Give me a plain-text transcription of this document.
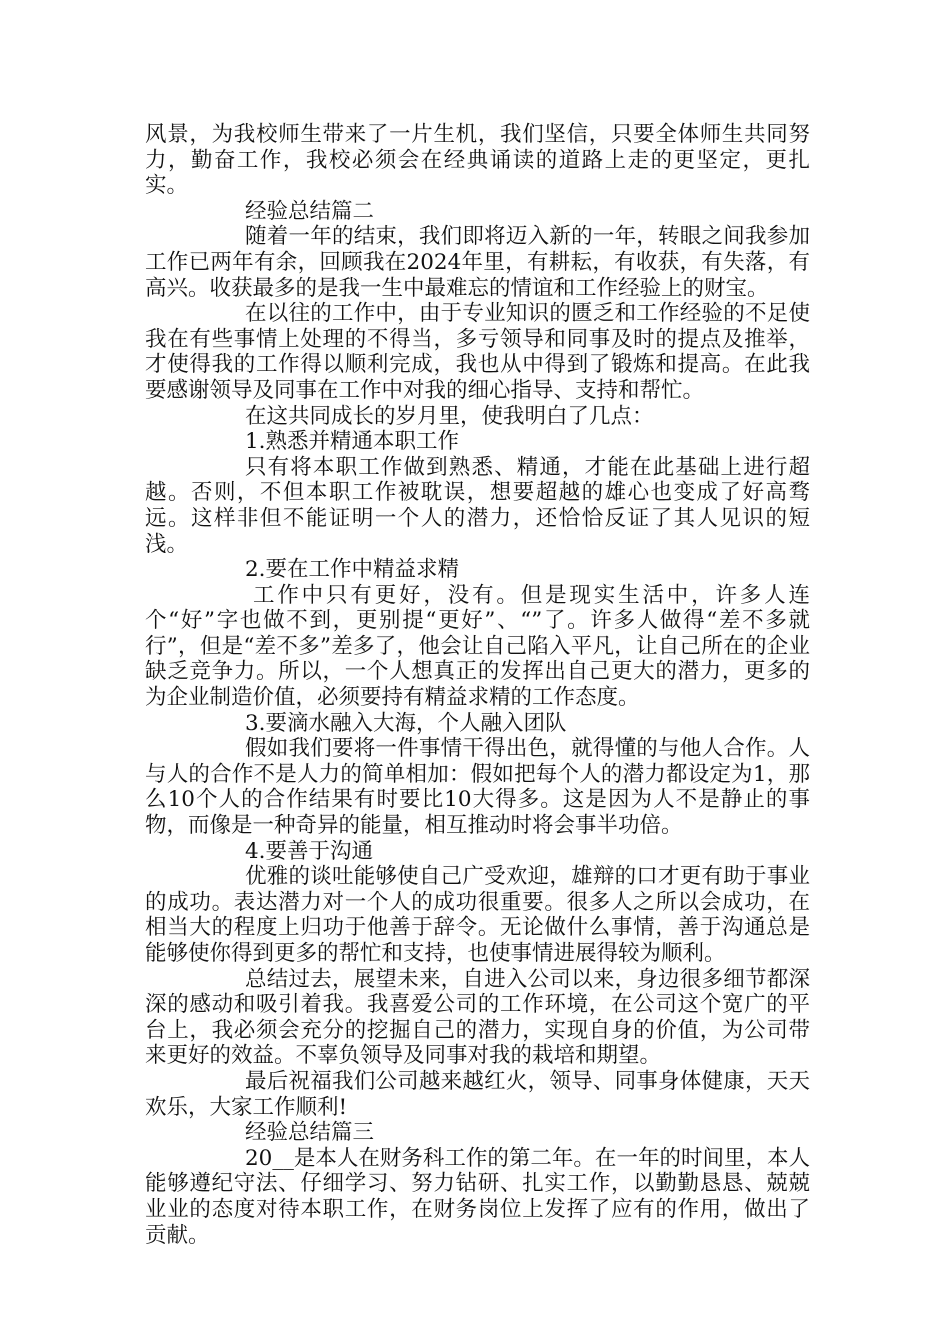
风景，为我校师生带来了一片生机，我们坚信，只要全体师生共同努力，勤奋工作，我校必须会在经典诵读的道路上走的更坚定，更扎实。

经验总结篇二

随着一年的结束，我们即将迈入新的一年，转眼之间我参加工作已两年有余，回顾我在2024年里，有耕耘，有收获，有失落，有高兴。收获最多的是我一生中最难忘的情谊和工作经验上的财宝。

在以往的工作中，由于专业知识的匮乏和工作经验的不足使我在有些事情上处理的不得当，多亏领导和同事及时的提点及推举，才使得我的工作得以顺利完成，我也从中得到了锻炼和提高。在此我要感谢领导及同事在工作中对我的细心指导、支持和帮忙。

在这共同成长的岁月里，使我明白了几点：

1.熟悉并精通本职工作

只有将本职工作做到熟悉、精通，才能在此基础上进行超越。否则，不但本职工作被耽误，想要超越的雄心也变成了好高骛远。这样非但不能证明一个人的潜力，还恰恰反证了其人见识的短浅。

2.要在工作中精益求精

工作中只有更好，没有。但是现实生活中，许多人连个“好”字也做不到，更别提“更好”、“”了。许多人做得“差不多就行”，但是“差不多”差多了，他会让自己陷入平凡，让自己所在的企业缺乏竞争力。所以，一个人想真正的发挥出自己更大的潜力，更多的为企业制造价值，必须要持有精益求精的工作态度。

3.要滴水融入大海，个人融入团队

假如我们要将一件事情干得出色，就得懂的与他人合作。人与人的合作不是人力的简单相加：假如把每个人的潜力都设定为1，那么10个人的合作结果有时要比10大得多。这是因为人不是静止的事物，而像是一种奇异的能量，相互推动时将会事半功倍。

4.要善于沟通

优雅的谈吐能够使自己广受欢迎，雄辩的口才更有助于事业的成功。表达潜力对一个人的成功很重要。很多人之所以会成功，在相当大的程度上归功于他善于辞令。无论做什么事情，善于沟通总是能够使你得到更多的帮忙和支持，也使事情进展得较为顺利。

总结过去，展望未来，自进入公司以来，身边很多细节都深深的感动和吸引着我。我喜爱公司的工作环境，在公司这个宽广的平台上，我必须会充分的挖掘自己的潜力，实现自身的价值，为公司带来更好的效益。不辜负领导及同事对我的栽培和期望。

最后祝福我们公司越来越红火，领导、同事身体健康，天天欢乐，大家工作顺利!

经验总结篇三

20__是本人在财务科工作的第二年。在一年的时间里，本人能够遵纪守法、仔细学习、努力钻研、扎实工作，以勤勤恳恳、兢兢业业的态度对待本职工作，在财务岗位上发挥了应有的作用，做出了贡献。
